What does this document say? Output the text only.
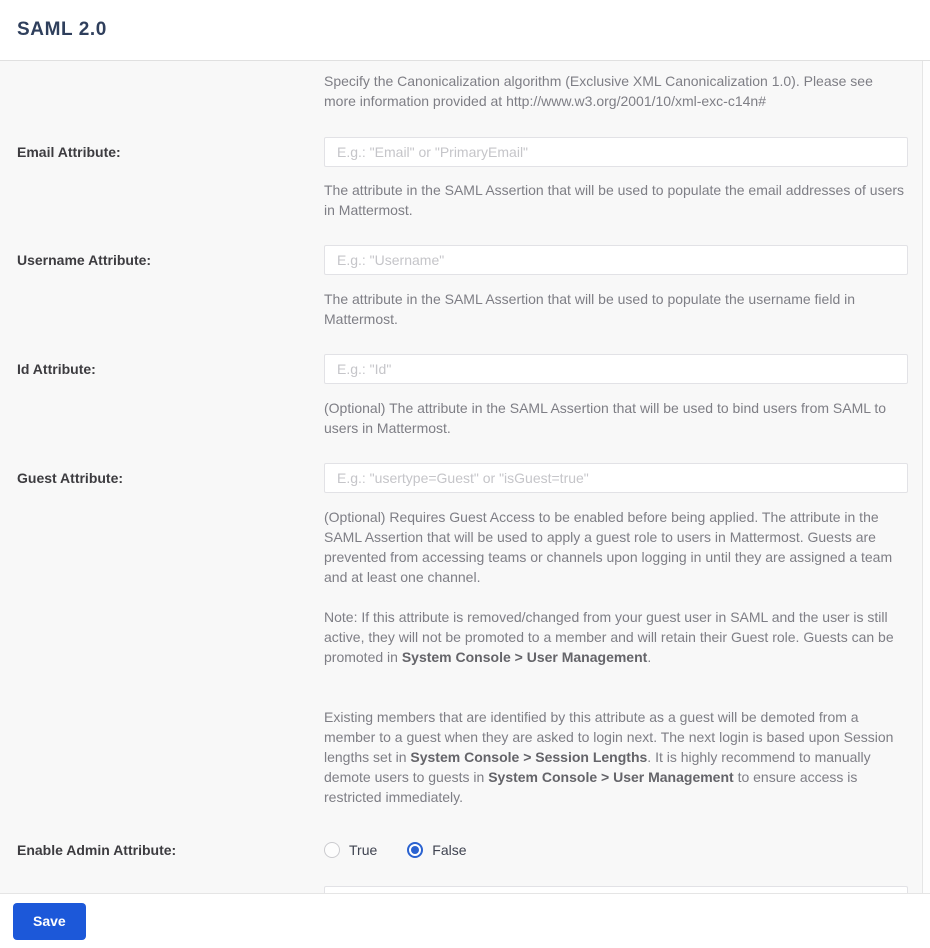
SAML 2.0
Specify the Canonicalization algorithm (Exclusive XML Canonicalization 1.0). Please see more information provided at http://www.w3.org/2001/10/xml-exc-c14n#
Email Attribute:
E.g.: "Email" or "PrimaryEmail"
The attribute in the SAML Assertion that will be used to populate the email addresses of users in Mattermost.
Username Attribute:
E.g.: "Username"
The attribute in the SAML Assertion that will be used to populate the username field in Mattermost.
Id Attribute:
E.g.: "Id"
(Optional) The attribute in the SAML Assertion that will be used to bind users from SAML to users in Mattermost.
Guest Attribute:
E.g.: "usertype=Guest" or "isGuest=true"
(Optional) Requires Guest Access to be enabled before being applied. The attribute in the SAML Assertion that will be used to apply a guest role to users in Mattermost. Guests are prevented from accessing teams or channels upon logging in until they are assigned a team and at least one channel.
Note: If this attribute is removed/changed from your guest user in SAML and the user is still active, they will not be promoted to a member and will retain their Guest role. Guests can be promoted in System Console > User Management.
Existing members that are identified by this attribute as a guest will be demoted from a member to a guest when they are asked to login next. The next login is based upon Session lengths set in System Console > Session Lengths. It is highly recommend to manually demote users to guests in System Console > User Management to ensure access is restricted immediately.
Enable Admin Attribute:	True	False
Save
